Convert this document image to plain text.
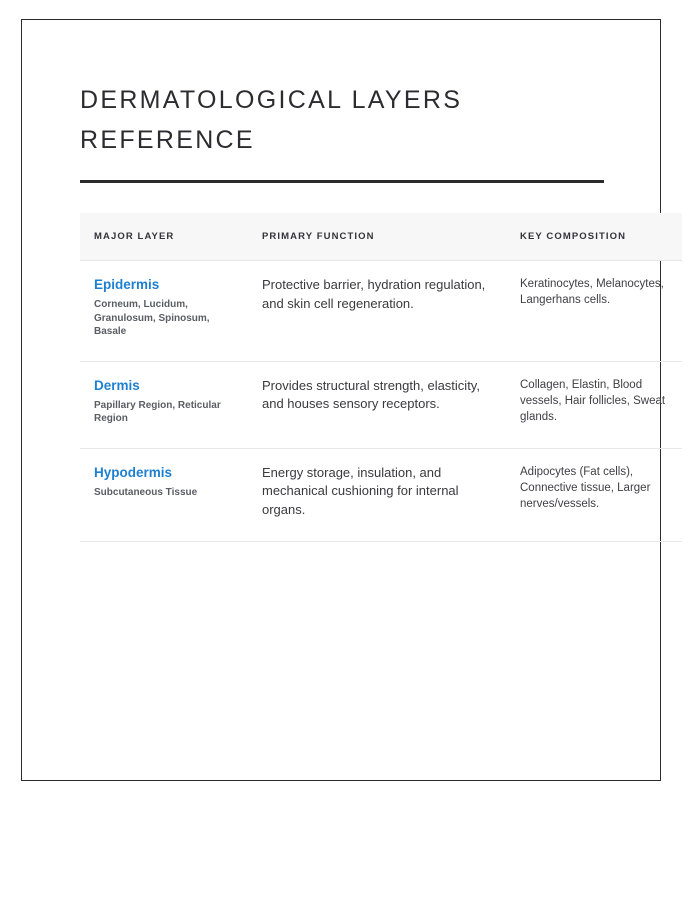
DERMATOLOGICAL LAYERS REFERENCE
MAJOR LAYER	PRIMARY FUNCTION	KEY COMPOSITION

Epidermis
Corneum, Lucidum, Granulosum, Spinosum, Basale	Protective barrier, hydration regulation, and skin cell regeneration.	Keratinocytes, Melanocytes, Langerhans cells.

Dermis
Papillary Region, Reticular Region	Provides structural strength, elasticity, and houses sensory receptors.	Collagen, Elastin, Blood vessels, Hair follicles, Sweat glands.

Hypodermis
Subcutaneous Tissue	Energy storage, insulation, and mechanical cushioning for internal organs.	Adipocytes (Fat cells), Connective tissue, Larger nerves/vessels.
